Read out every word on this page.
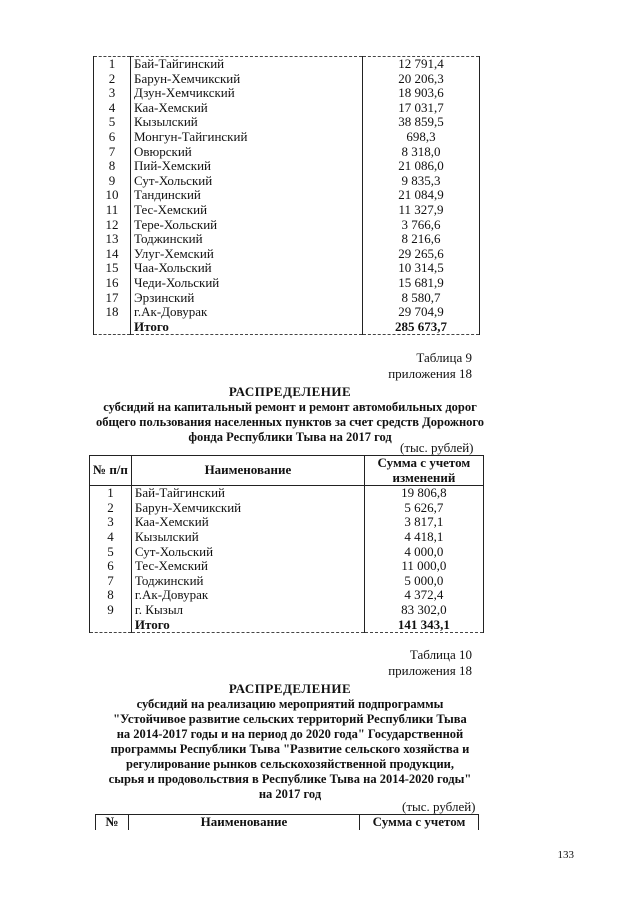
1	Бай-Тайгинский	12 791,4
2	Барун-Хемчикский	20 206,3
3	Дзун-Хемчикский	18 903,6
4	Каа-Хемский	17 031,7
5	Кызылский	38 859,5
6	Монгун-Тайгинский	698,3
7	Овюрский	8 318,0
8	Пий-Хемский	21 086,0
9	Сут-Хольский	9 835,3
10	Тандинский	21 084,9
11	Тес-Хемский	11 327,9
12	Тере-Хольский	3 766,6
13	Тоджинский	8 216,6
14	Улуг-Хемский	29 265,6
15	Чаа-Хольский	10 314,5
16	Чеди-Хольский	15 681,9
17	Эрзинский	8 580,7
18	г.Ак-Довурак	29 704,9
	Итого	285 673,7
Таблица 9
приложения 18
РАСПРЕДЕЛЕНИЕ
субсидий на капитальный ремонт и ремонт автомобильных дорог
общего пользования населенных пунктов за счет средств Дорожного
фонда Республики Тыва на 2017 год
(тыс. рублей)
№ п/п	Наименование	Сумма с учетом изменений
1	Бай-Тайгинский	19 806,8
2	Барун-Хемчикский	5 626,7
3	Каа-Хемский	3 817,1
4	Кызылский	4 418,1
5	Сут-Хольский	4 000,0
6	Тес-Хемский	11 000,0
7	Тоджинский	5 000,0
8	г.Ак-Довурак	4 372,4
9	г. Кызыл	83 302,0
	Итого	141 343,1
Таблица 10
приложения 18
РАСПРЕДЕЛЕНИЕ
субсидий на реализацию мероприятий подпрограммы
"Устойчивое развитие сельских территорий Республики Тыва
на 2014-2017 годы и на период до 2020 года" Государственной
программы Республики Тыва "Развитие сельского хозяйства и
регулирование рынков сельскохозяйственной продукции,
сырья и продовольствия в Республике Тыва на 2014-2020 годы"
на 2017 год
(тыс. рублей)
№	Наименование	Сумма с учетом
133
